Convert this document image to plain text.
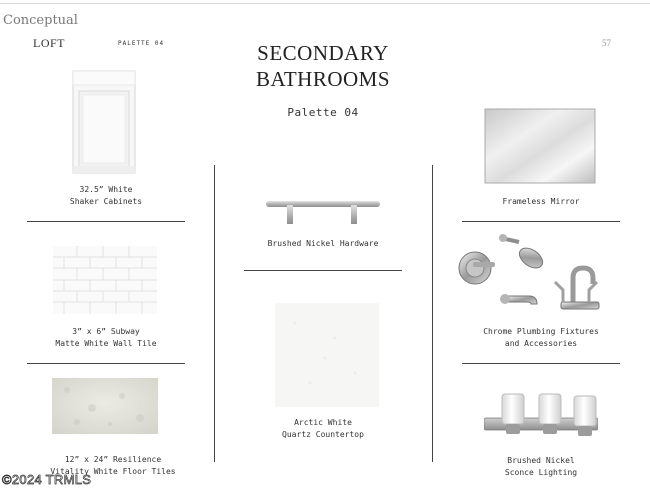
Conceptual
LOFT	PALETTE 04	57
SECONDARY
BATHROOMS
Palette 04
32.5” White
Shaker Cabinets
3” x 6” Subway
Matte White Wall Tile
12” x 24” Resilience
Vitality White Floor Tiles
Brushed Nickel Hardware
Arctic White
Quartz Countertop
Frameless Mirror
Chrome Plumbing Fixtures
and Accessories
Brushed Nickel
Sconce Lighting
©2024 TRMLS
